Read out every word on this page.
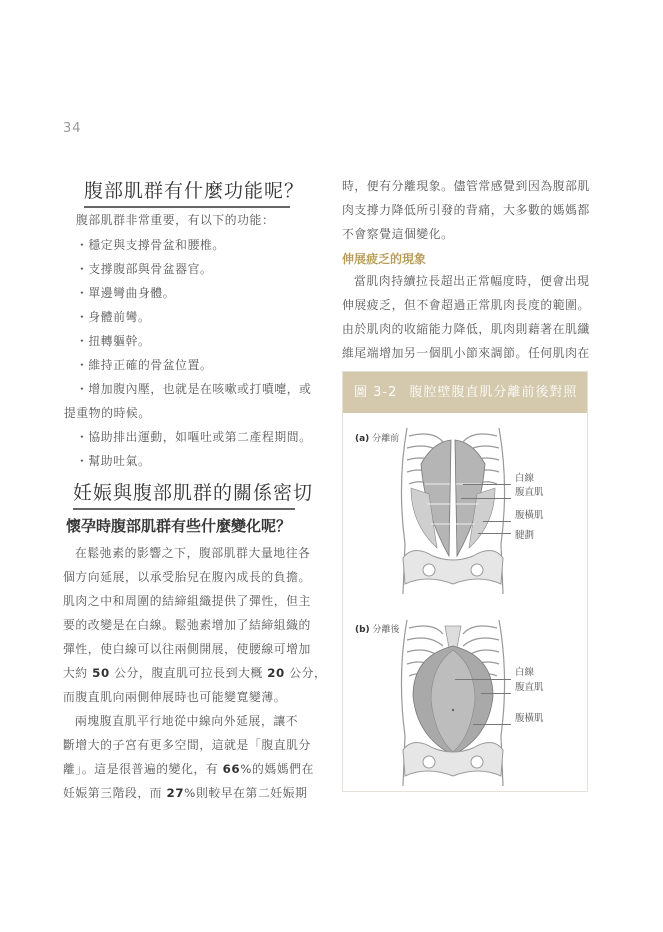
34
腹部肌群有什麼功能呢？
腹部肌群非常重要，有以下的功能：
・穩定與支撐骨盆和腰椎。
・支撐腹部與骨盆器官。
・單邊彎曲身體。
・身體前彎。
・扭轉軀幹。
・維持正確的骨盆位置。
・增加腹內壓，也就是在咳嗽或打噴嚏，或
提重物的時候。
・協助排出運動，如嘔吐或第二產程期間。
・幫助吐氣。
妊娠與腹部肌群的關係密切
懷孕時腹部肌群有些什麼變化呢？
在鬆弛素的影響之下，腹部肌群大量地往各
個方向延展，以承受胎兒在腹內成長的負擔。
肌肉之中和周圍的結締組織提供了彈性，但主
要的改變是在白線。鬆弛素增加了結締組織的
彈性，使白線可以往兩側開展，使腰線可增加
大約 50 公分，腹直肌可拉長到大概 20 公分，
而腹直肌向兩側伸展時也可能變寬變薄。
兩塊腹直肌平行地從中線向外延展，讓不
斷增大的子宮有更多空間，這就是「腹直肌分
離」。這是很普遍的變化，有 66%的媽媽們在
妊娠第三階段，而 27%則較早在第二妊娠期
時，便有分離現象。儘管常感覺到因為腹部肌
肉支撐力降低所引發的背痛，大多數的媽媽都
不會察覺這個變化。
伸展疲乏的現象
當肌肉持續拉長超出正常幅度時，便會出現
伸展疲乏，但不會超過正常肌肉長度的範圍。
由於肌肉的收縮能力降低，肌肉則藉著在肌纖
維尾端增加另一個肌小節來調節。任何肌肉在
圖 3-2 腹腔壁腹直肌分離前後對照
(a) 分離前
白線
腹直肌
腹橫肌
腱劃
(b) 分離後
白線
腹直肌
腹橫肌
